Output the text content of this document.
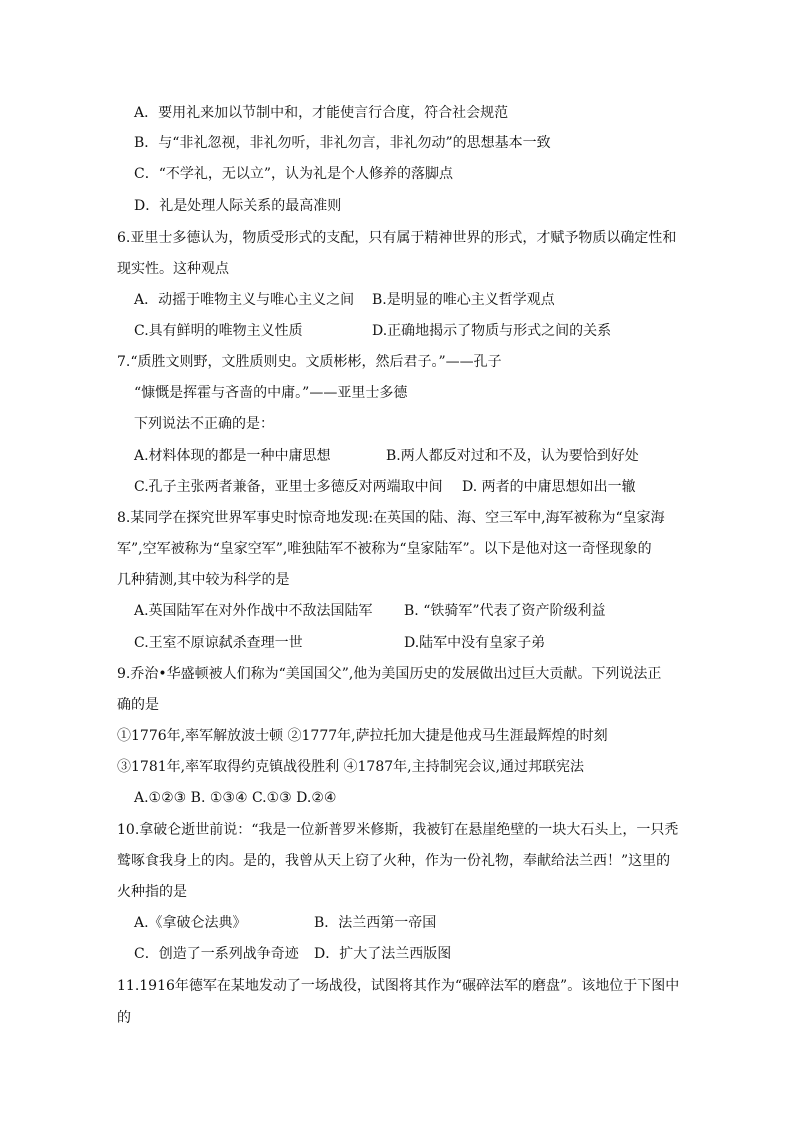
A．要用礼来加以节制中和，才能使言行合度，符合社会规范
B．与“非礼忽视，非礼勿听，非礼勿言，非礼勿动”的思想基本一致
C．“不学礼，无以立”，认为礼是个人修养的落脚点
D．礼是处理人际关系的最高准则
6.亚里士多德认为，物质受形式的支配，只有属于精神世界的形式，才赋予物质以确定性和
现实性。这种观点
A．动摇于唯物主义与唯心主义之间 B.是明显的唯心主义哲学观点
C.具有鲜明的唯物主义性质	D.正确地揭示了物质与形式之间的关系
7.“质胜文则野，文胜质则史。文质彬彬，然后君子。”——孔子
“慷慨是挥霍与吝啬的中庸。”——亚里士多德
下列说法不正确的是：
A.材料体现的都是一种中庸思想	B.两人都反对过和不及，认为要恰到好处
C.孔子主张两者兼备，亚里士多德反对两端取中间 D. 两者的中庸思想如出一辙
8.某同学在探究世界军事史时惊奇地发现:在英国的陆、海、空三军中,海军被称为“皇家海
军”,空军被称为“皇家空军”,唯独陆军不被称为“皇家陆军”。以下是他对这一奇怪现象的
几种猜测,其中较为科学的是
A.英国陆军在对外作战中不敌法国陆军 B. “铁骑军”代表了资产阶级利益
C.王室不原谅弑杀查理一世	D.陆军中没有皇家子弟
9.乔治•华盛顿被人们称为“美国国父”,他为美国历史的发展做出过巨大贡献。下列说法正
确的是
①1776年,率军解放波士顿 ②1777年,萨拉托加大捷是他戎马生涯最辉煌的时刻
③1781年,率军取得约克镇战役胜利 ④1787年,主持制宪会议,通过邦联宪法
A.①②③ B. ①③④ C.①③ D.②④
10.拿破仑逝世前说：“我是一位新普罗米修斯，我被钉在悬崖绝壁的一块大石头上，一只秃
鹫啄食我身上的肉。是的，我曾从天上窃了火种，作为一份礼物，奉献给法兰西！”这里的
火种指的是
A.《拿破仑法典》	B．法兰西第一帝国
C．创造了一系列战争奇迹 D．扩大了法兰西版图
11.1916年德军在某地发动了一场战役，试图将其作为“碾碎法军的磨盘”。该地位于下图中
的
